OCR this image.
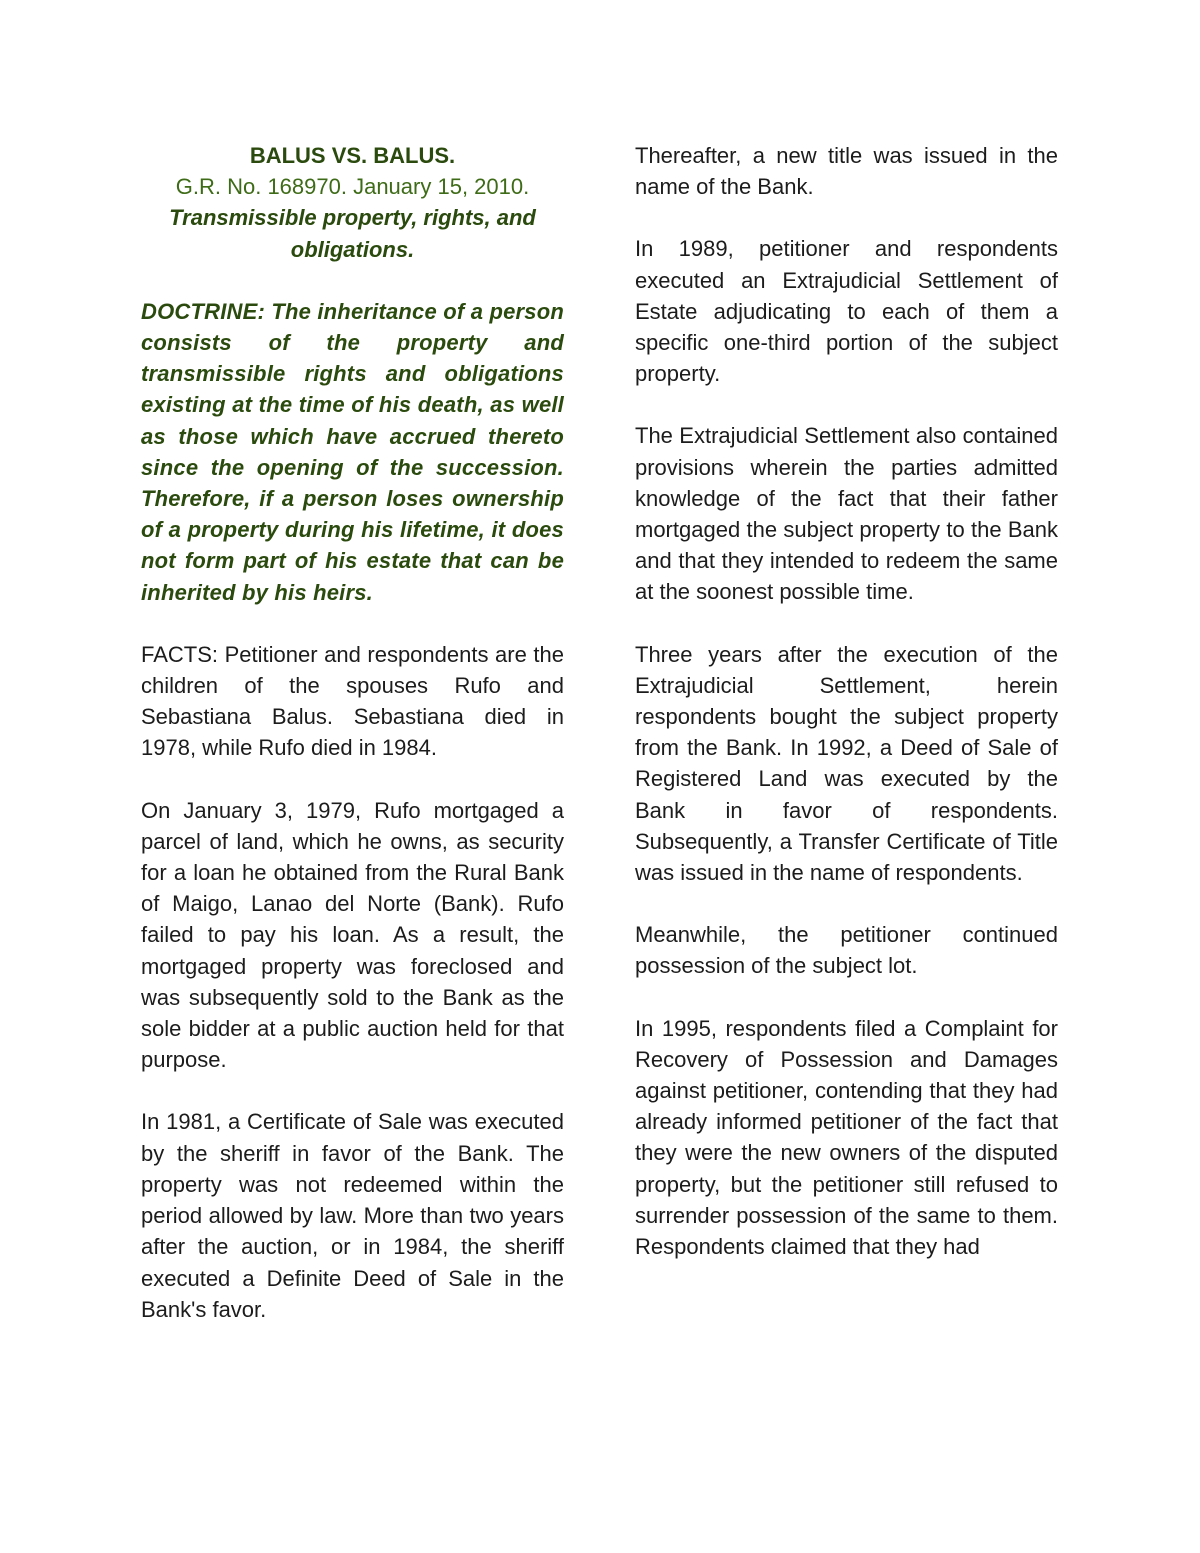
BALUS VS. BALUS.
G.R. No. 168970. January 15, 2010.
Transmissible property, rights, and obligations.

DOCTRINE: The inheritance of a person consists of the property and transmissible rights and obligations existing at the time of his death, as well as those which have accrued thereto since the opening of the succession. Therefore, if a person loses ownership of a property during his lifetime, it does not form part of his estate that can be inherited by his heirs.

FACTS: Petitioner and respondents are the children of the spouses Rufo and Sebastiana Balus. Sebastiana died in 1978, while Rufo died in 1984.

On January 3, 1979, Rufo mortgaged a parcel of land, which he owns, as security for a loan he obtained from the Rural Bank of Maigo, Lanao del Norte (Bank). Rufo failed to pay his loan. As a result, the mortgaged property was foreclosed and was subsequently sold to the Bank as the sole bidder at a public auction held for that purpose.

In 1981, a Certificate of Sale was executed by the sheriff in favor of the Bank. The property was not redeemed within the period allowed by law. More than two years after the auction, or in 1984, the sheriff executed a Definite Deed of Sale in the Bank's favor.

Thereafter, a new title was issued in the name of the Bank.

In 1989, petitioner and respondents executed an Extrajudicial Settlement of Estate adjudicating to each of them a specific one-third portion of the subject property.

The Extrajudicial Settlement also contained provisions wherein the parties admitted knowledge of the fact that their father mortgaged the subject property to the Bank and that they intended to redeem the same at the soonest possible time.

Three years after the execution of the Extrajudicial Settlement, herein respondents bought the subject property from the Bank. In 1992, a Deed of Sale of Registered Land was executed by the Bank in favor of respondents. Subsequently, a Transfer Certificate of Title was issued in the name of respondents.

Meanwhile, the petitioner continued possession of the subject lot.

In 1995, respondents filed a Complaint for Recovery of Possession and Damages against petitioner, contending that they had already informed petitioner of the fact that they were the new owners of the disputed property, but the petitioner still refused to surrender possession of the same to them. Respondents claimed that they had
